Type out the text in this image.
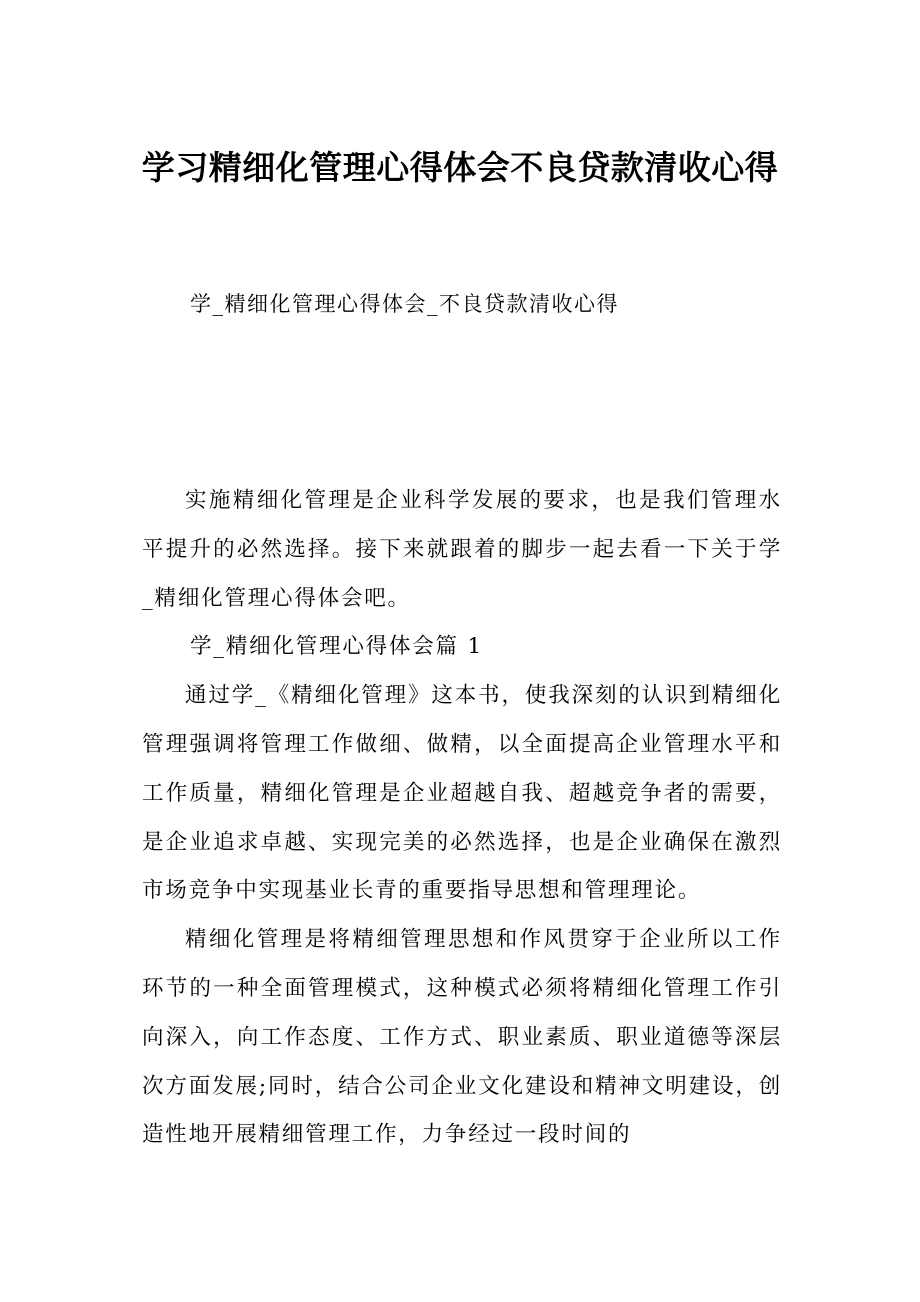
学习精细化管理心得体会不良贷款清收心得

学_精细化管理心得体会_不良贷款清收心得

实施精细化管理是企业科学发展的要求，也是我们管理水平提升的必然选择。接下来就跟着的脚步一起去看一下关于学_精细化管理心得体会吧。

学_精细化管理心得体会篇 1

通过学_《精细化管理》这本书，使我深刻的认识到精细化管理强调将管理工作做细、做精，以全面提高企业管理水平和工作质量，精细化管理是企业超越自我、超越竞争者的需要，是企业追求卓越、实现完美的必然选择，也是企业确保在激烈市场竞争中实现基业长青的重要指导思想和管理理论。

精细化管理是将精细管理思想和作风贯穿于企业所以工作环节的一种全面管理模式，这种模式必须将精细化管理工作引向深入，向工作态度、工作方式、职业素质、职业道德等深层次方面发展;同时，结合公司企业文化建设和精神文明建设，创造性地开展精细管理工作，力争经过一段时间的
